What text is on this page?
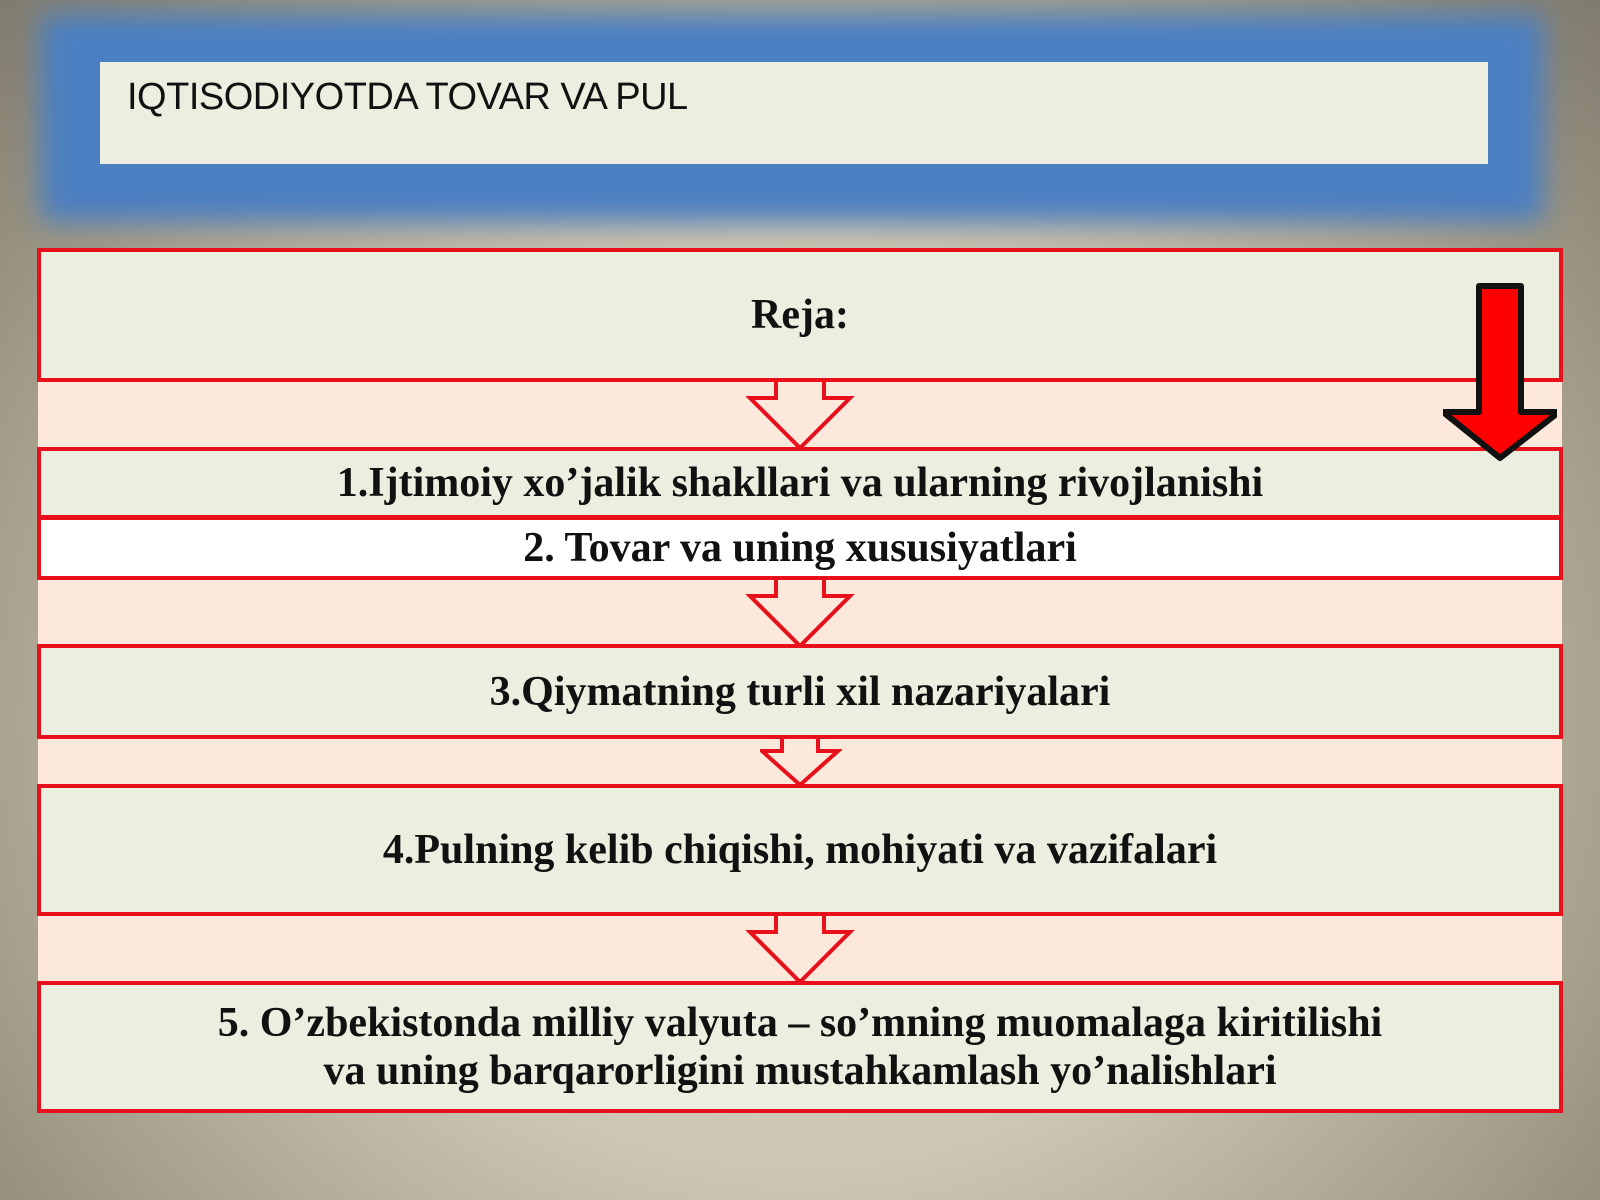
IQTISODIYOTDA TOVAR VA PUL
Reja:
1.Ijtimoiy xo’jalik shakllari va ularning rivojlanishi
2. Tovar va uning xususiyatlari
3.Qiymatning turli xil nazariyalari
4.Pulning kelib chiqishi, mohiyati va vazifalari
5. O’zbekistonda milliy valyuta – so’mning muomalaga kiritilishi
va uning barqarorligini mustahkamlash yo’nalishlari
